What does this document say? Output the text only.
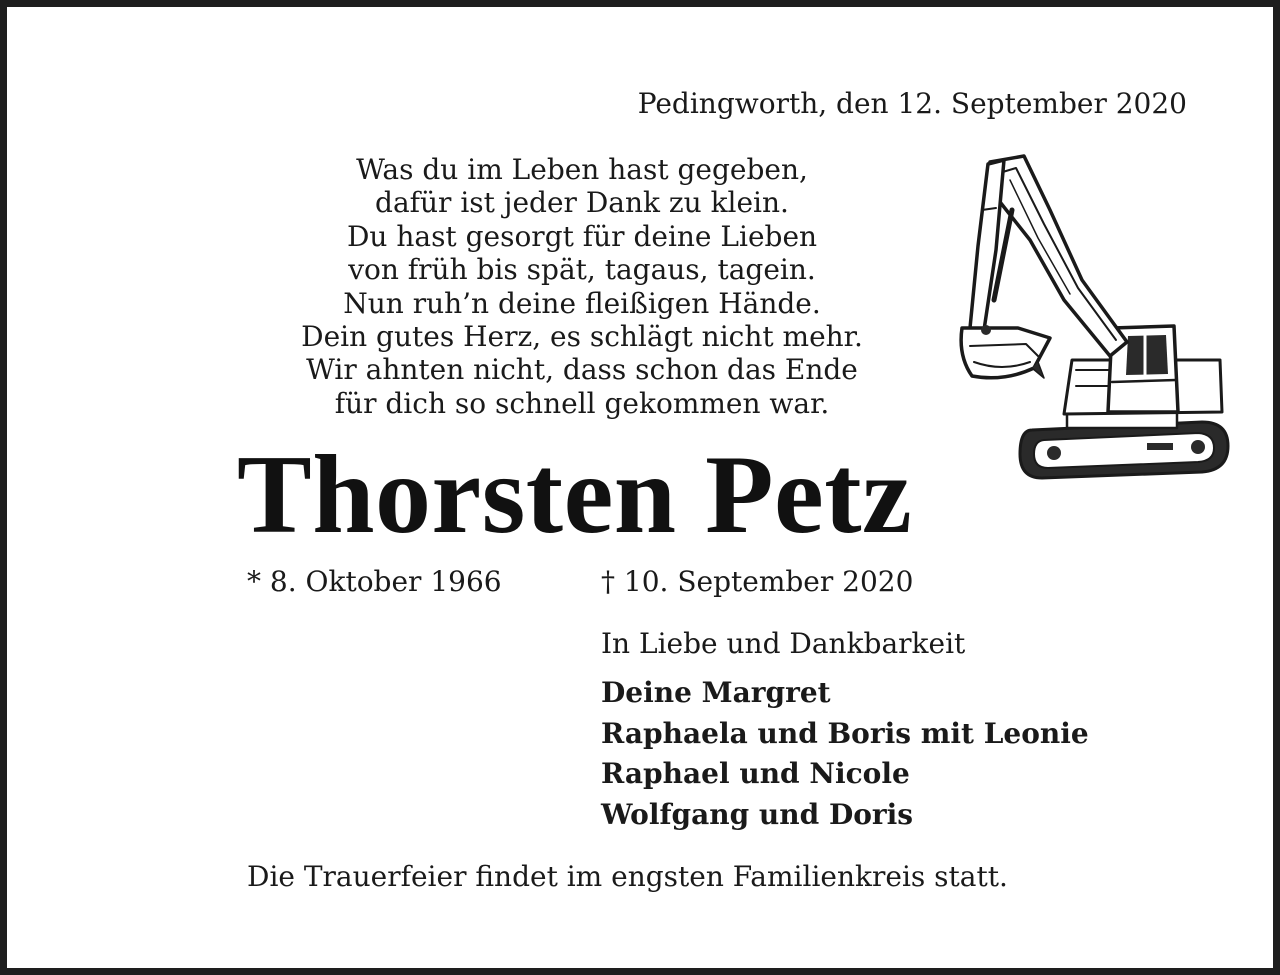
Pedingworth, den 12. September 2020
Was du im Leben hast gegeben,
dafür ist jeder Dank zu klein.
Du hast gesorgt für deine Lieben
von früh bis spät, tagaus, tagein.
Nun ruh’n deine fleißigen Hände.
Dein gutes Herz, es schlägt nicht mehr.
Wir ahnten nicht, dass schon das Ende
für dich so schnell gekommen war.
Thorsten Petz
* 8. Oktober 1966	† 10. September 2020
In Liebe und Dankbarkeit
Deine Margret
Raphaela und Boris mit Leonie
Raphael und Nicole
Wolfgang und Doris
Die Trauerfeier findet im engsten Familienkreis statt.
